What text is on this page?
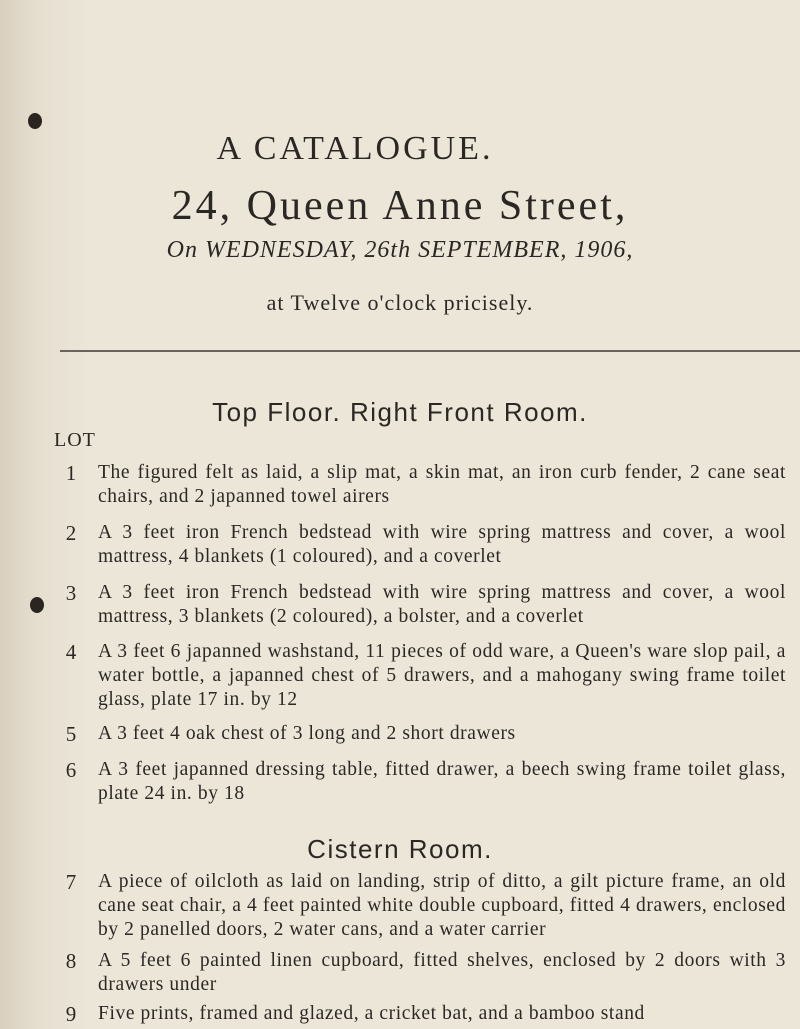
A CATALOGUE.
24, Queen Anne Street,
On WEDNESDAY, 26th SEPTEMBER, 1906,
at Twelve o'clock pricisely.
Top Floor. Right Front Room.
LOT
1	The figured felt as laid, a slip mat, a skin mat, an iron curb fender, 2 cane seat chairs, and 2 japanned towel airers
2	A 3 feet iron French bedstead with wire spring mattress and cover, a wool mattress, 4 blankets (1 coloured), and a coverlet
3	A 3 feet iron French bedstead with wire spring mattress and cover, a wool mattress, 3 blankets (2 coloured), a bolster, and a coverlet
4	A 3 feet 6 japanned washstand, 11 pieces of odd ware, a Queen's ware slop pail, a water bottle, a japanned chest of 5 drawers, and a mahogany swing frame toilet glass, plate 17 in. by 12
5	A 3 feet 4 oak chest of 3 long and 2 short drawers
6	A 3 feet japanned dressing table, fitted drawer, a beech swing frame toilet glass, plate 24 in. by 18
Cistern Room.
7	A piece of oilcloth as laid on landing, strip of ditto, a gilt picture frame, an old cane seat chair, a 4 feet painted white double cupboard, fitted 4 drawers, enclosed by 2 panelled doors, 2 water cans, and a water carrier
8	A 5 feet 6 painted linen cupboard, fitted shelves, enclosed by 2 doors with 3 drawers under
9	Five prints, framed and glazed, a cricket bat, and a bamboo stand
